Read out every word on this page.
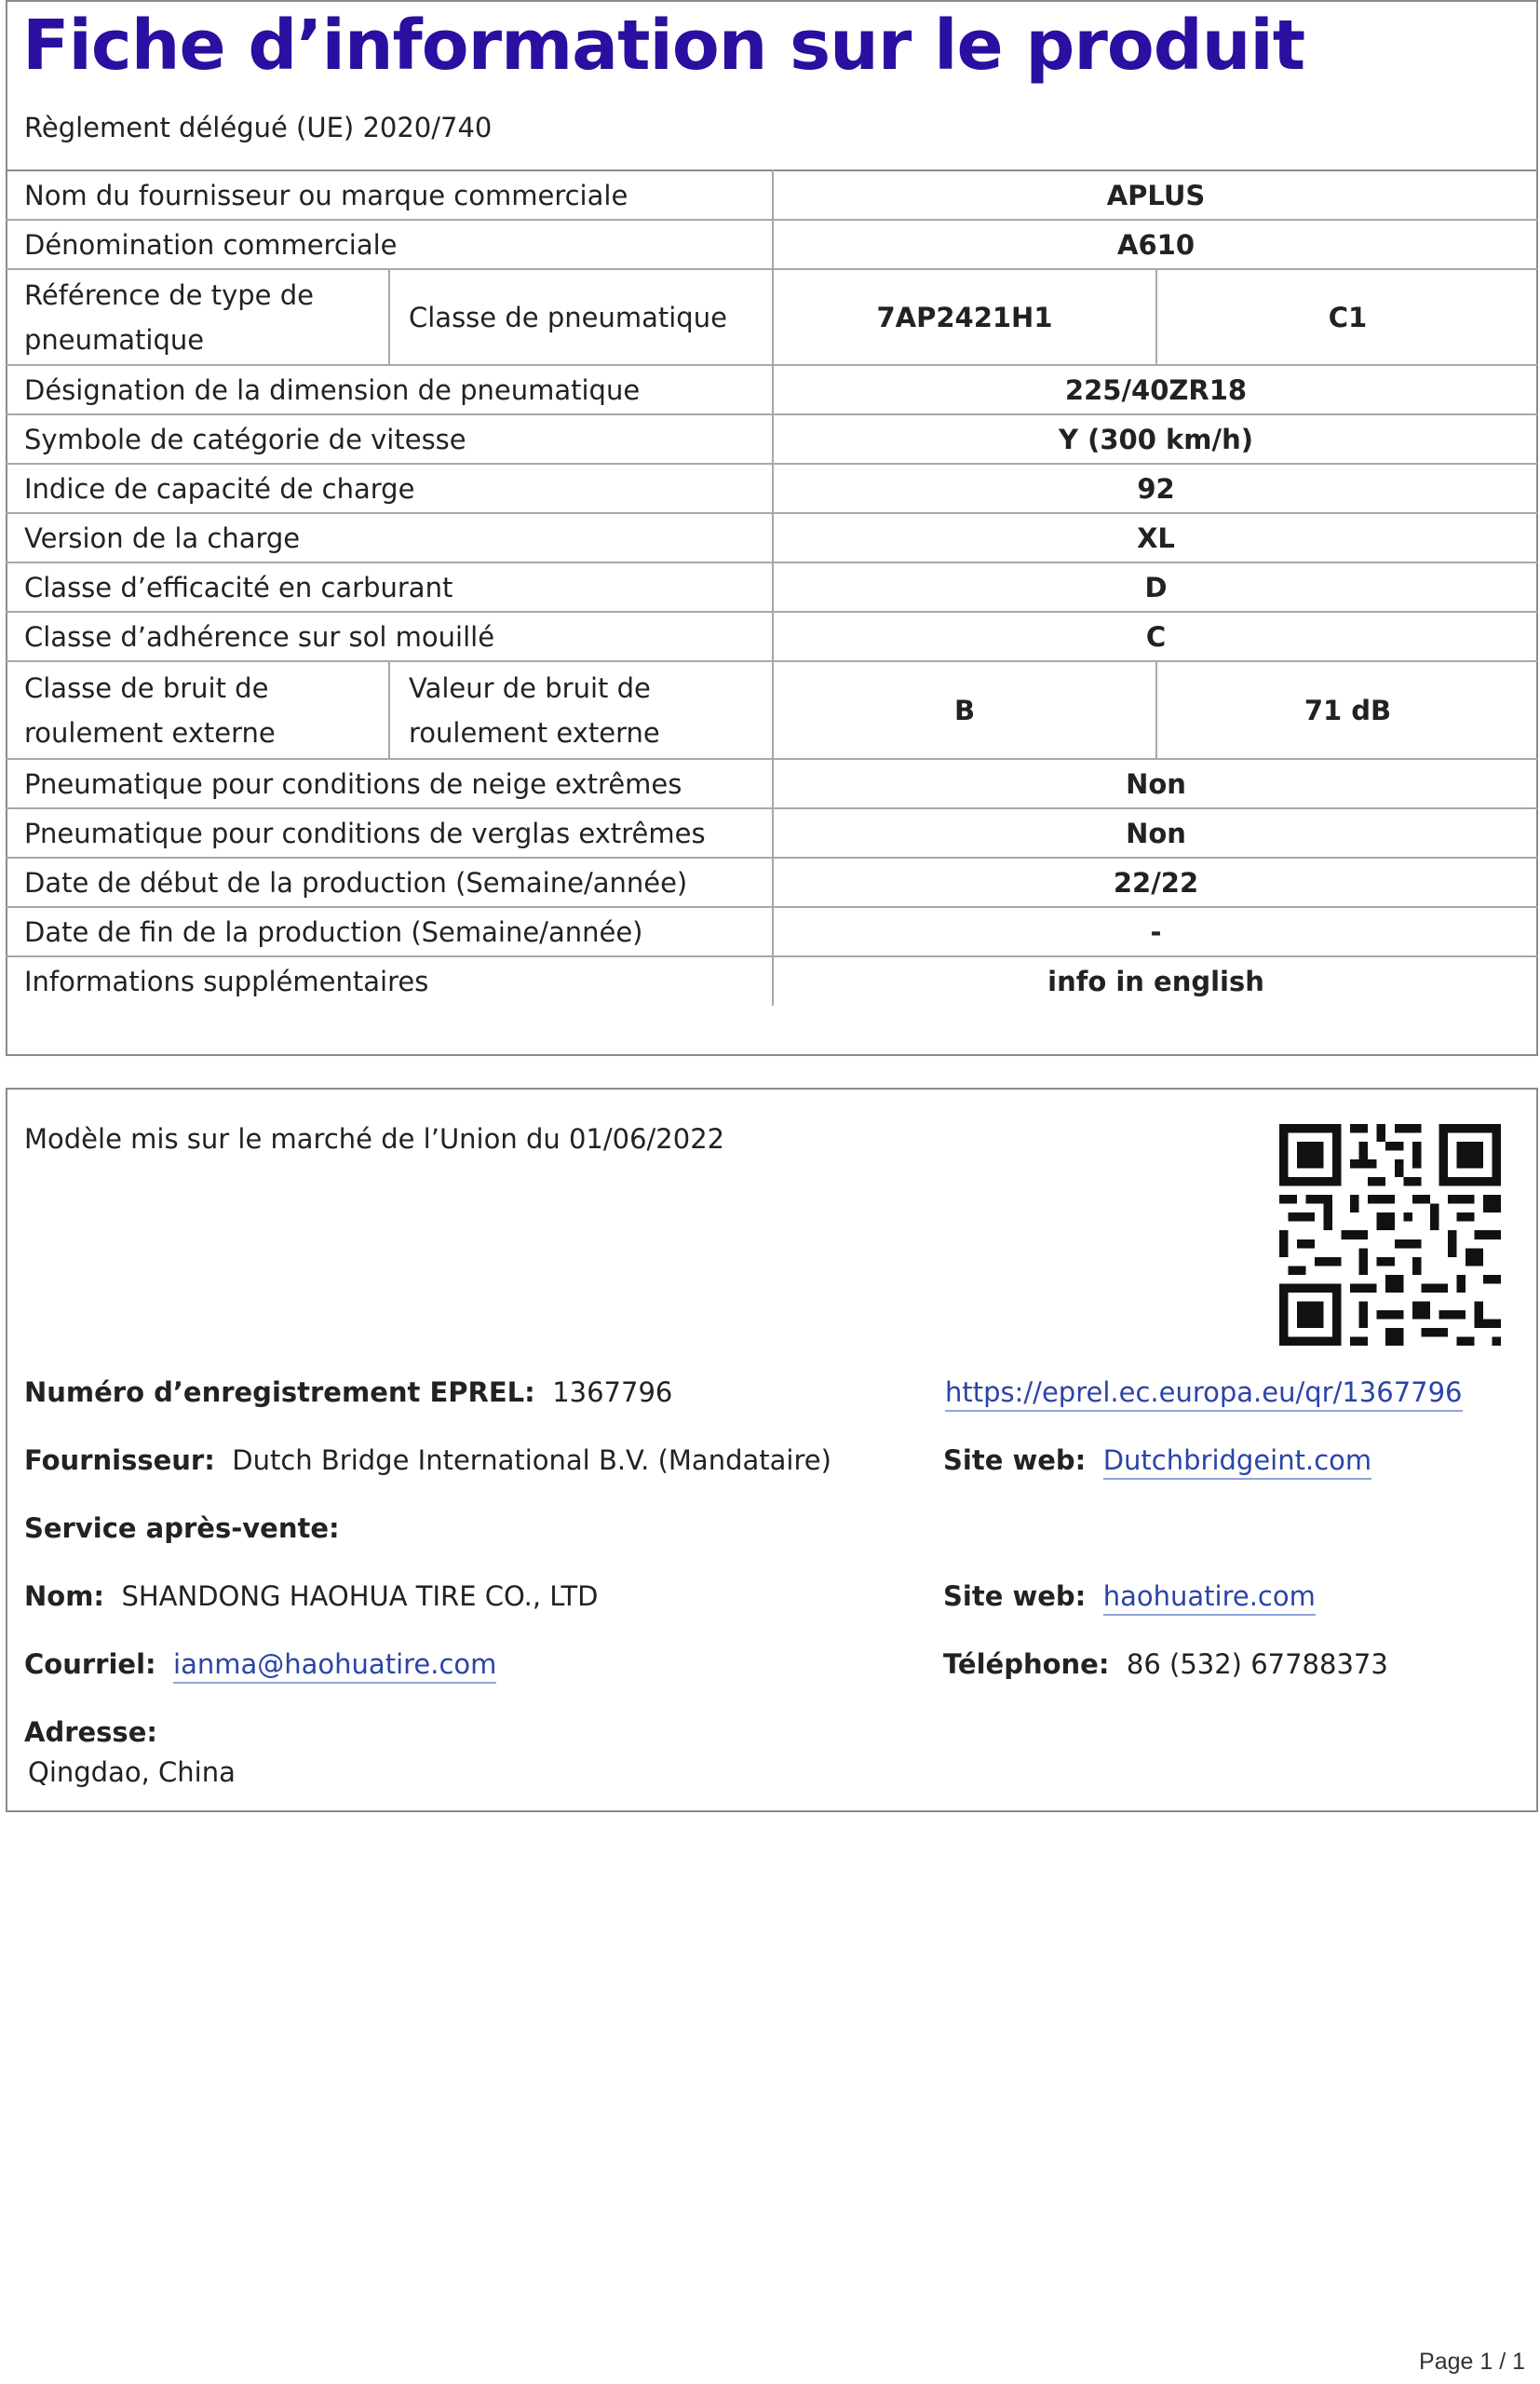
Fiche d’information sur le produit
Règlement délégué (UE) 2020/740
Nom du fournisseur ou marque commerciale		APLUS	
Dénomination commerciale		A610	
Référence de type de pneumatique	Classe de pneumatique	7AP2421H1	C1
Désignation de la dimension de pneumatique		225/40ZR18	
Symbole de catégorie de vitesse		Y (300 km/h)	
Indice de capacité de charge		92	
Version de la charge		XL	
Classe d’efficacité en carburant		D	
Classe d’adhérence sur sol mouillé		C	
Classe de bruit de roulement externe	Valeur de bruit de roulement externe	B	71 dB
Pneumatique pour conditions de neige extrêmes		Non	
Pneumatique pour conditions de verglas extrêmes		Non	
Date de début de la production (Semaine/année)		22/22	
Date de fin de la production (Semaine/année)		-	
Informations supplémentaires		info in english	
Modèle mis sur le marché de l’Union du 01/06/2022
Numéro d’enregistrement EPREL: 1367796	https://eprel.ec.europa.eu/qr/1367796
Fournisseur: Dutch Bridge International B.V. (Mandataire)	Site web: Dutchbridgeint.com
Service après-vente:
Nom: SHANDONG HAOHUA TIRE CO., LTD	Site web: haohuatire.com
Courriel: ianma@haohuatire.com	Téléphone: 86 (532) 67788373
Adresse:
Qingdao, China
Page 1 / 1
